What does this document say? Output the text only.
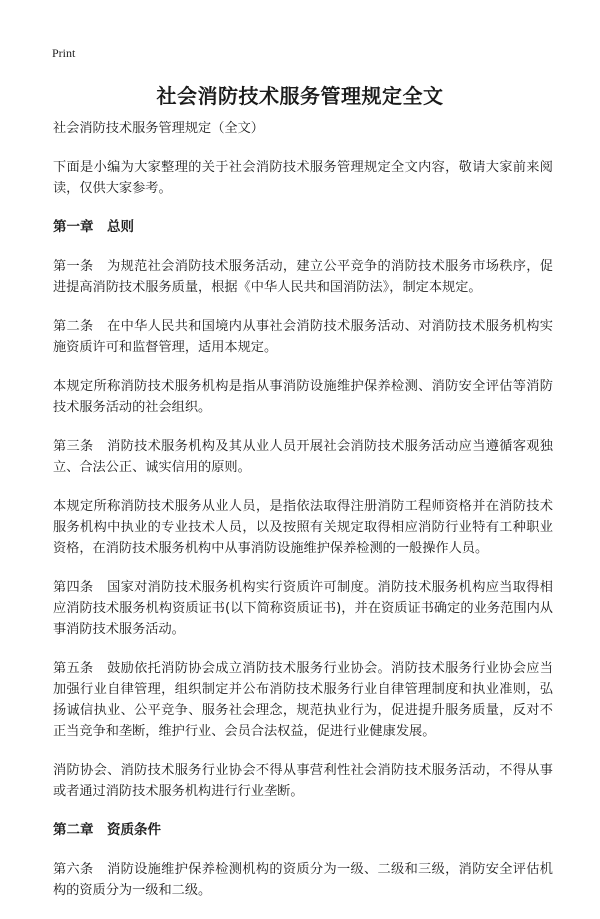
Print
社会消防技术服务管理规定全文

社会消防技术服务管理规定（全文）

下面是小编为大家整理的关于社会消防技术服务管理规定全文内容，敬请大家前来阅读，仅供大家参考。

第一章　总则

第一条　为规范社会消防技术服务活动，建立公平竞争的消防技术服务市场秩序，促进提高消防技术服务质量，根据《中华人民共和国消防法》，制定本规定。

第二条　在中华人民共和国境内从事社会消防技术服务活动、对消防技术服务机构实施资质许可和监督管理，适用本规定。

本规定所称消防技术服务机构是指从事消防设施维护保养检测、消防安全评估等消防技术服务活动的社会组织。

第三条　消防技术服务机构及其从业人员开展社会消防技术服务活动应当遵循客观独立、合法公正、诚实信用的原则。

本规定所称消防技术服务从业人员，是指依法取得注册消防工程师资格并在消防技术服务机构中执业的专业技术人员，以及按照有关规定取得相应消防行业特有工种职业资格，在消防技术服务机构中从事消防设施维护保养检测的一般操作人员。

第四条　国家对消防技术服务机构实行资质许可制度。消防技术服务机构应当取得相应消防技术服务机构资质证书(以下简称资质证书)，并在资质证书确定的业务范围内从事消防技术服务活动。

第五条　鼓励依托消防协会成立消防技术服务行业协会。消防技术服务行业协会应当加强行业自律管理，组织制定并公布消防技术服务行业自律管理制度和执业准则，弘扬诚信执业、公平竞争、服务社会理念，规范执业行为，促进提升服务质量，反对不正当竞争和垄断，维护行业、会员合法权益，促进行业健康发展。

消防协会、消防技术服务行业协会不得从事营利性社会消防技术服务活动，不得从事或者通过消防技术服务机构进行行业垄断。

第二章　资质条件

第六条　消防设施维护保养检测机构的资质分为一级、二级和三级，消防安全评估机构的资质分为一级和二级。
